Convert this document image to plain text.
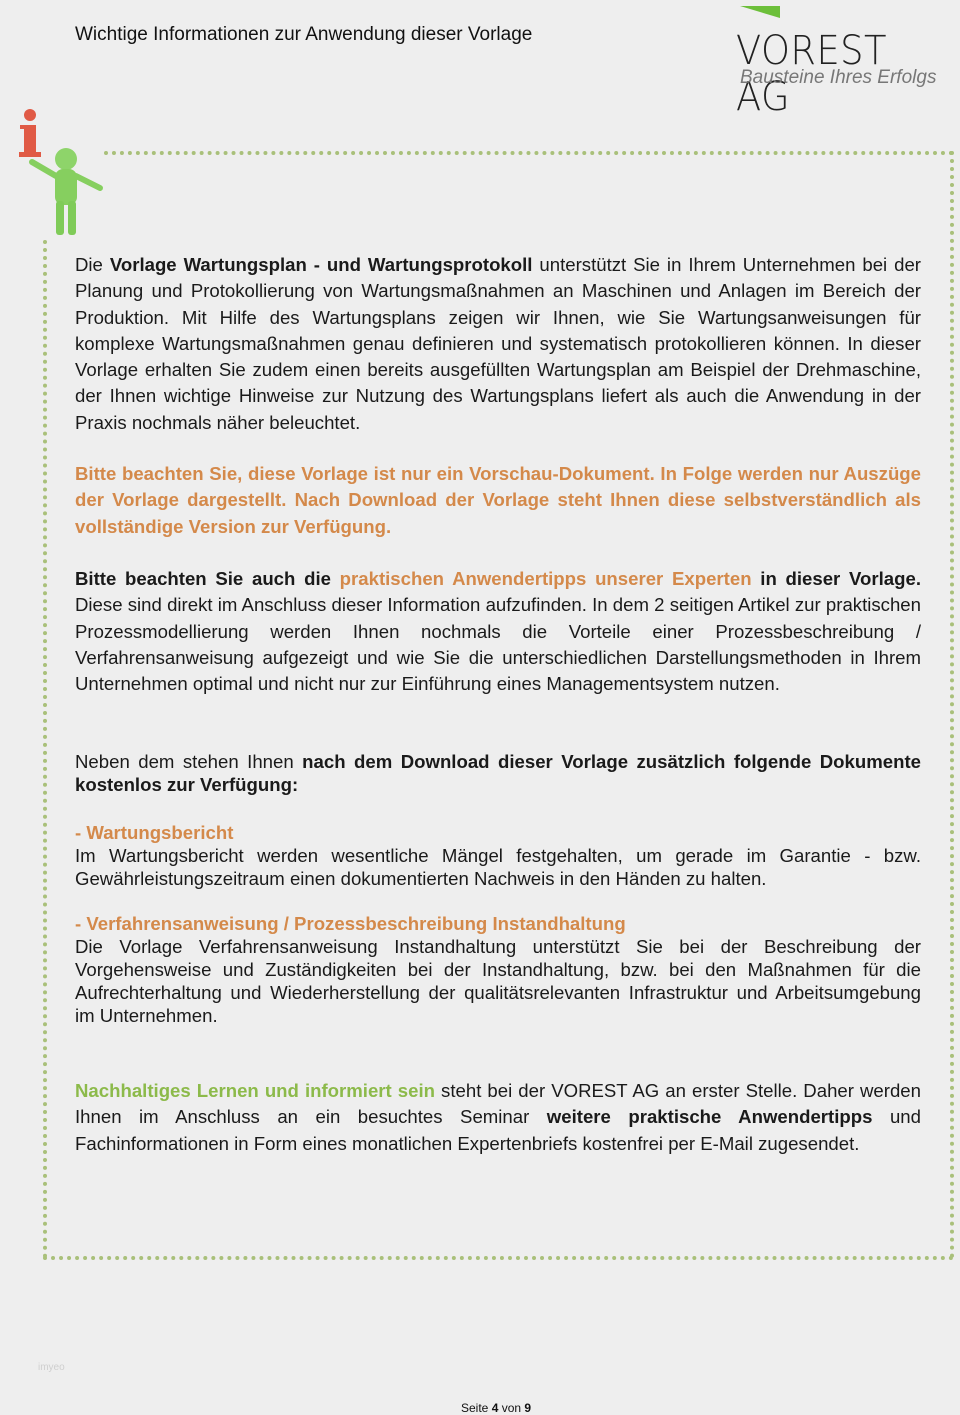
Wichtige Informationen zur Anwendung dieser Vorlage	VOREST AG
Bausteine Ihres Erfolgs
Die Vorlage Wartungsplan - und Wartungsprotokoll unterstützt Sie in Ihrem Unternehmen bei der Planung und Protokollierung von Wartungsmaßnahmen an Maschinen und Anlagen im Bereich der Produktion. Mit Hilfe des Wartungsplans zeigen wir Ihnen, wie Sie Wartungsanweisungen für komplexe Wartungsmaßnahmen genau definieren und systematisch protokollieren können. In dieser Vorlage erhalten Sie zudem einen bereits ausgefüllten Wartungsplan am Beispiel der Drehmaschine, der Ihnen wichtige Hinweise zur Nutzung des Wartungsplans liefert als auch die Anwendung in der Praxis nochmals näher beleuchtet.
Bitte beachten Sie, diese Vorlage ist nur ein Vorschau-Dokument. In Folge werden nur Auszüge der Vorlage dargestellt. Nach Download der Vorlage steht Ihnen diese selbstverständlich als vollständige Version zur Verfügung.
Bitte beachten Sie auch die praktischen Anwendertipps unserer Experten in dieser Vorlage. Diese sind direkt im Anschluss dieser Information aufzufinden. In dem 2 seitigen Artikel zur praktischen Prozessmodellierung werden Ihnen nochmals die Vorteile einer Prozessbeschreibung / Verfahrensanweisung aufgezeigt und wie Sie die unterschiedlichen Darstellungsmethoden in Ihrem Unternehmen optimal und nicht nur zur Einführung eines Managementsystem nutzen.
Neben dem stehen Ihnen nach dem Download dieser Vorlage zusätzlich folgende Dokumente kostenlos zur Verfügung:
- Wartungsbericht
Im Wartungsbericht werden wesentliche Mängel festgehalten, um gerade im Garantie - bzw. Gewährleistungszeitraum einen dokumentierten Nachweis in den Händen zu halten.
- Verfahrensanweisung / Prozessbeschreibung Instandhaltung
Die Vorlage Verfahrensanweisung Instandhaltung unterstützt Sie bei der Beschreibung der Vorgehensweise und Zuständigkeiten bei der Instandhaltung, bzw. bei den Maßnahmen für die Aufrechterhaltung und Wiederherstellung der qualitätsrelevanten Infrastruktur und Arbeitsumgebung im Unternehmen.
Nachhaltiges Lernen und informiert sein steht bei der VOREST AG an erster Stelle. Daher werden Ihnen im Anschluss an ein besuchtes Seminar weitere praktische Anwendertipps und Fachinformationen in Form eines monatlichen Expertenbriefs kostenfrei per E-Mail zugesendet.
imyeo
Seite 4 von 9
